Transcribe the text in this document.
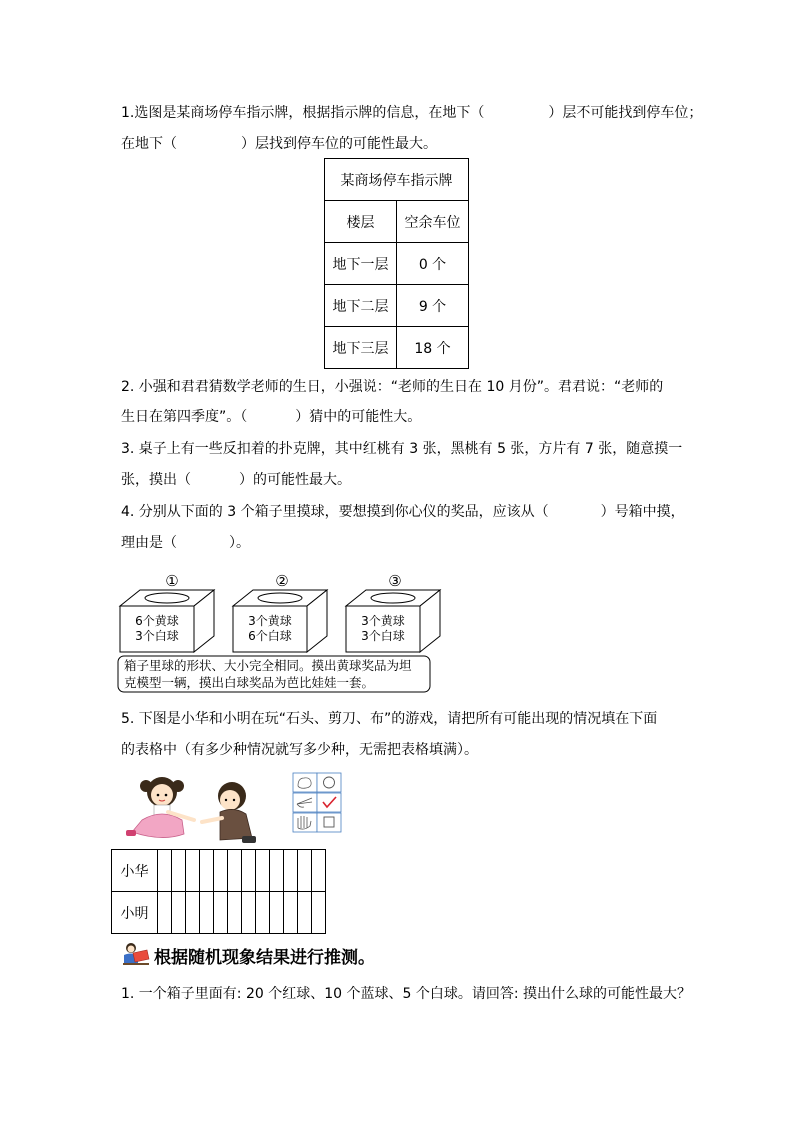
1.选图是某商场停车指示牌，根据指示牌的信息，在地下（	）层不可能找到停车位；
在地下（	）层找到停车位的可能性最大。
某商场停车指示牌	
楼层	空余车位
地下一层	0 个
地下二层	9 个
地下三层	18 个
2. 小强和君君猜数学老师的生日，小强说：“老师的生日在 10 月份”。君君说：“老师的
生日在第四季度”。（	）猜中的可能性大。
3. 桌子上有一些反扣着的扑克牌，其中红桃有 3 张，黑桃有 5 张，方片有 7 张，随意摸一
张，摸出（	）的可能性最大。
4. 分别从下面的 3 个箱子里摸球，要想摸到你心仪的奖品，应该从（	）号箱中摸，
理由是（	）。
①
6个黄球
3个白球
②
3个黄球
6个白球
③
3个黄球
3个白球
箱子里球的形状、大小完全相同。摸出黄球奖品为坦
克模型一辆，摸出白球奖品为芭比娃娃一套。
5. 下图是小华和小明在玩“石头、剪刀、布”的游戏，请把所有可能出现的情况填在下面
的表格中（有多少种情况就写多少种，无需把表格填满）。
小华												
小明												
根据随机现象结果进行推测。
1. 一个箱子里面有: 20 个红球、10 个蓝球、5 个白球。请回答: 摸出什么球的可能性最大？
